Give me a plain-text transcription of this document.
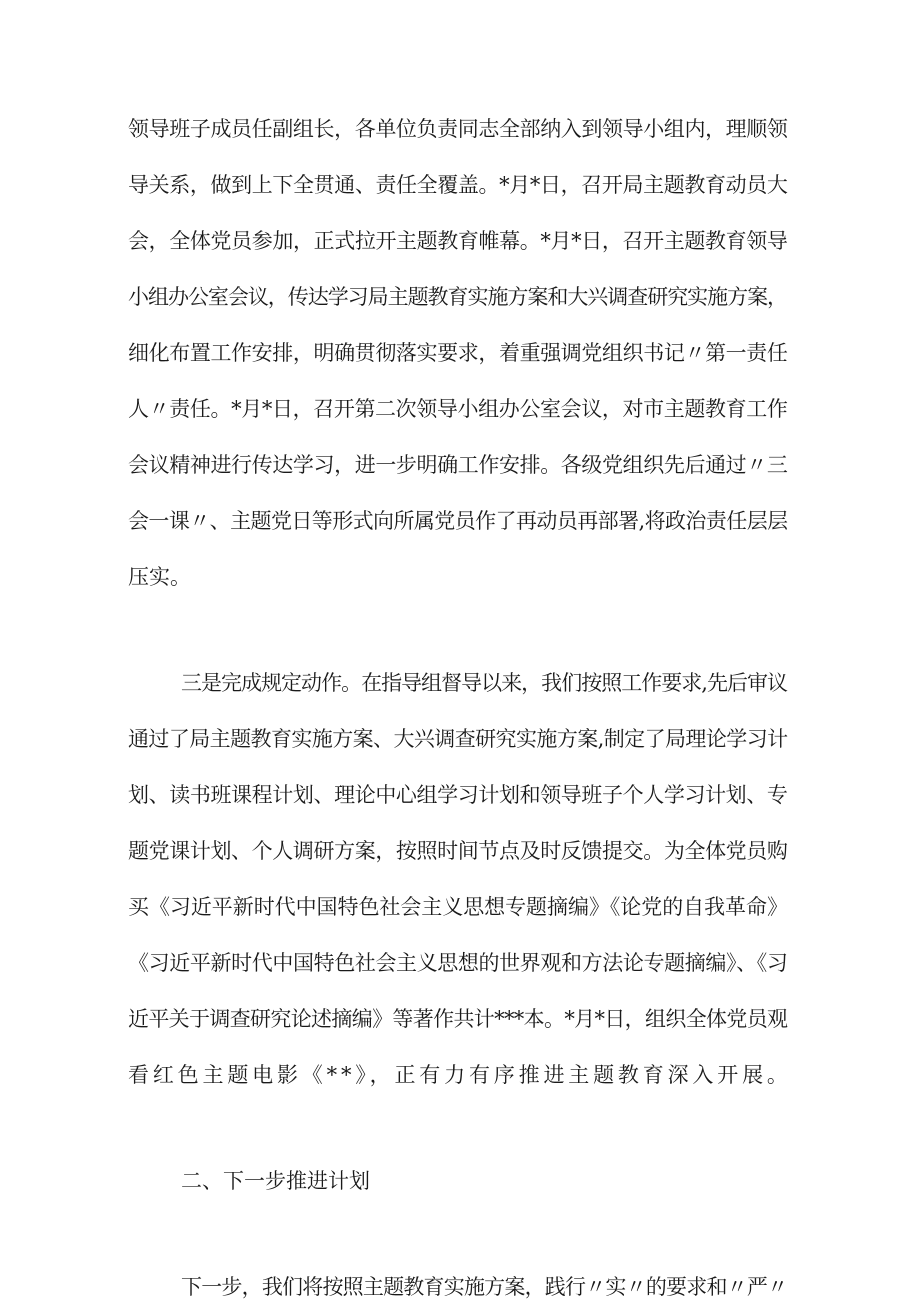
领导班子成员任副组长，各单位负责同志全部纳入到领导小组内，理顺领
导关系，做到上下全贯通、责任全覆盖。*月*日，召开局主题教育动员大
会，全体党员参加，正式拉开主题教育帷幕。*月*日，召开主题教育领导
小组办公室会议，传达学习局主题教育实施方案和大兴调查研究实施方案，
细化布置工作安排，明确贯彻落实要求，着重强调党组织书记〃第一责任
人〃责任。*月*日，召开第二次领导小组办公室会议，对市主题教育工作
会议精神进行传达学习，进一步明确工作安排。各级党组织先后通过〃三
会一课〃、主题党日等形式向所属党员作了再动员再部署,将政治责任层层
压实。
三是完成规定动作。在指导组督导以来，我们按照工作要求,先后审议
通过了局主题教育实施方案、大兴调查研究实施方案,制定了局理论学习计
划、读书班课程计划、理论中心组学习计划和领导班子个人学习计划、专
题党课计划、个人调研方案，按照时间节点及时反馈提交。为全体党员购
买《习近平新时代中国特色社会主义思想专题摘编》《论党的自我革命》
《习近平新时代中国特色社会主义思想的世界观和方法论专题摘编》、《习
近平关于调查研究论述摘编》等著作共计***本。*月*日，组织全体党员观
看红色主题电影《**》，正有力有序推进主题教育深入开展。
二、下一步推进计划
下一步，我们将按照主题教育实施方案，践行〃实〃的要求和〃严〃
